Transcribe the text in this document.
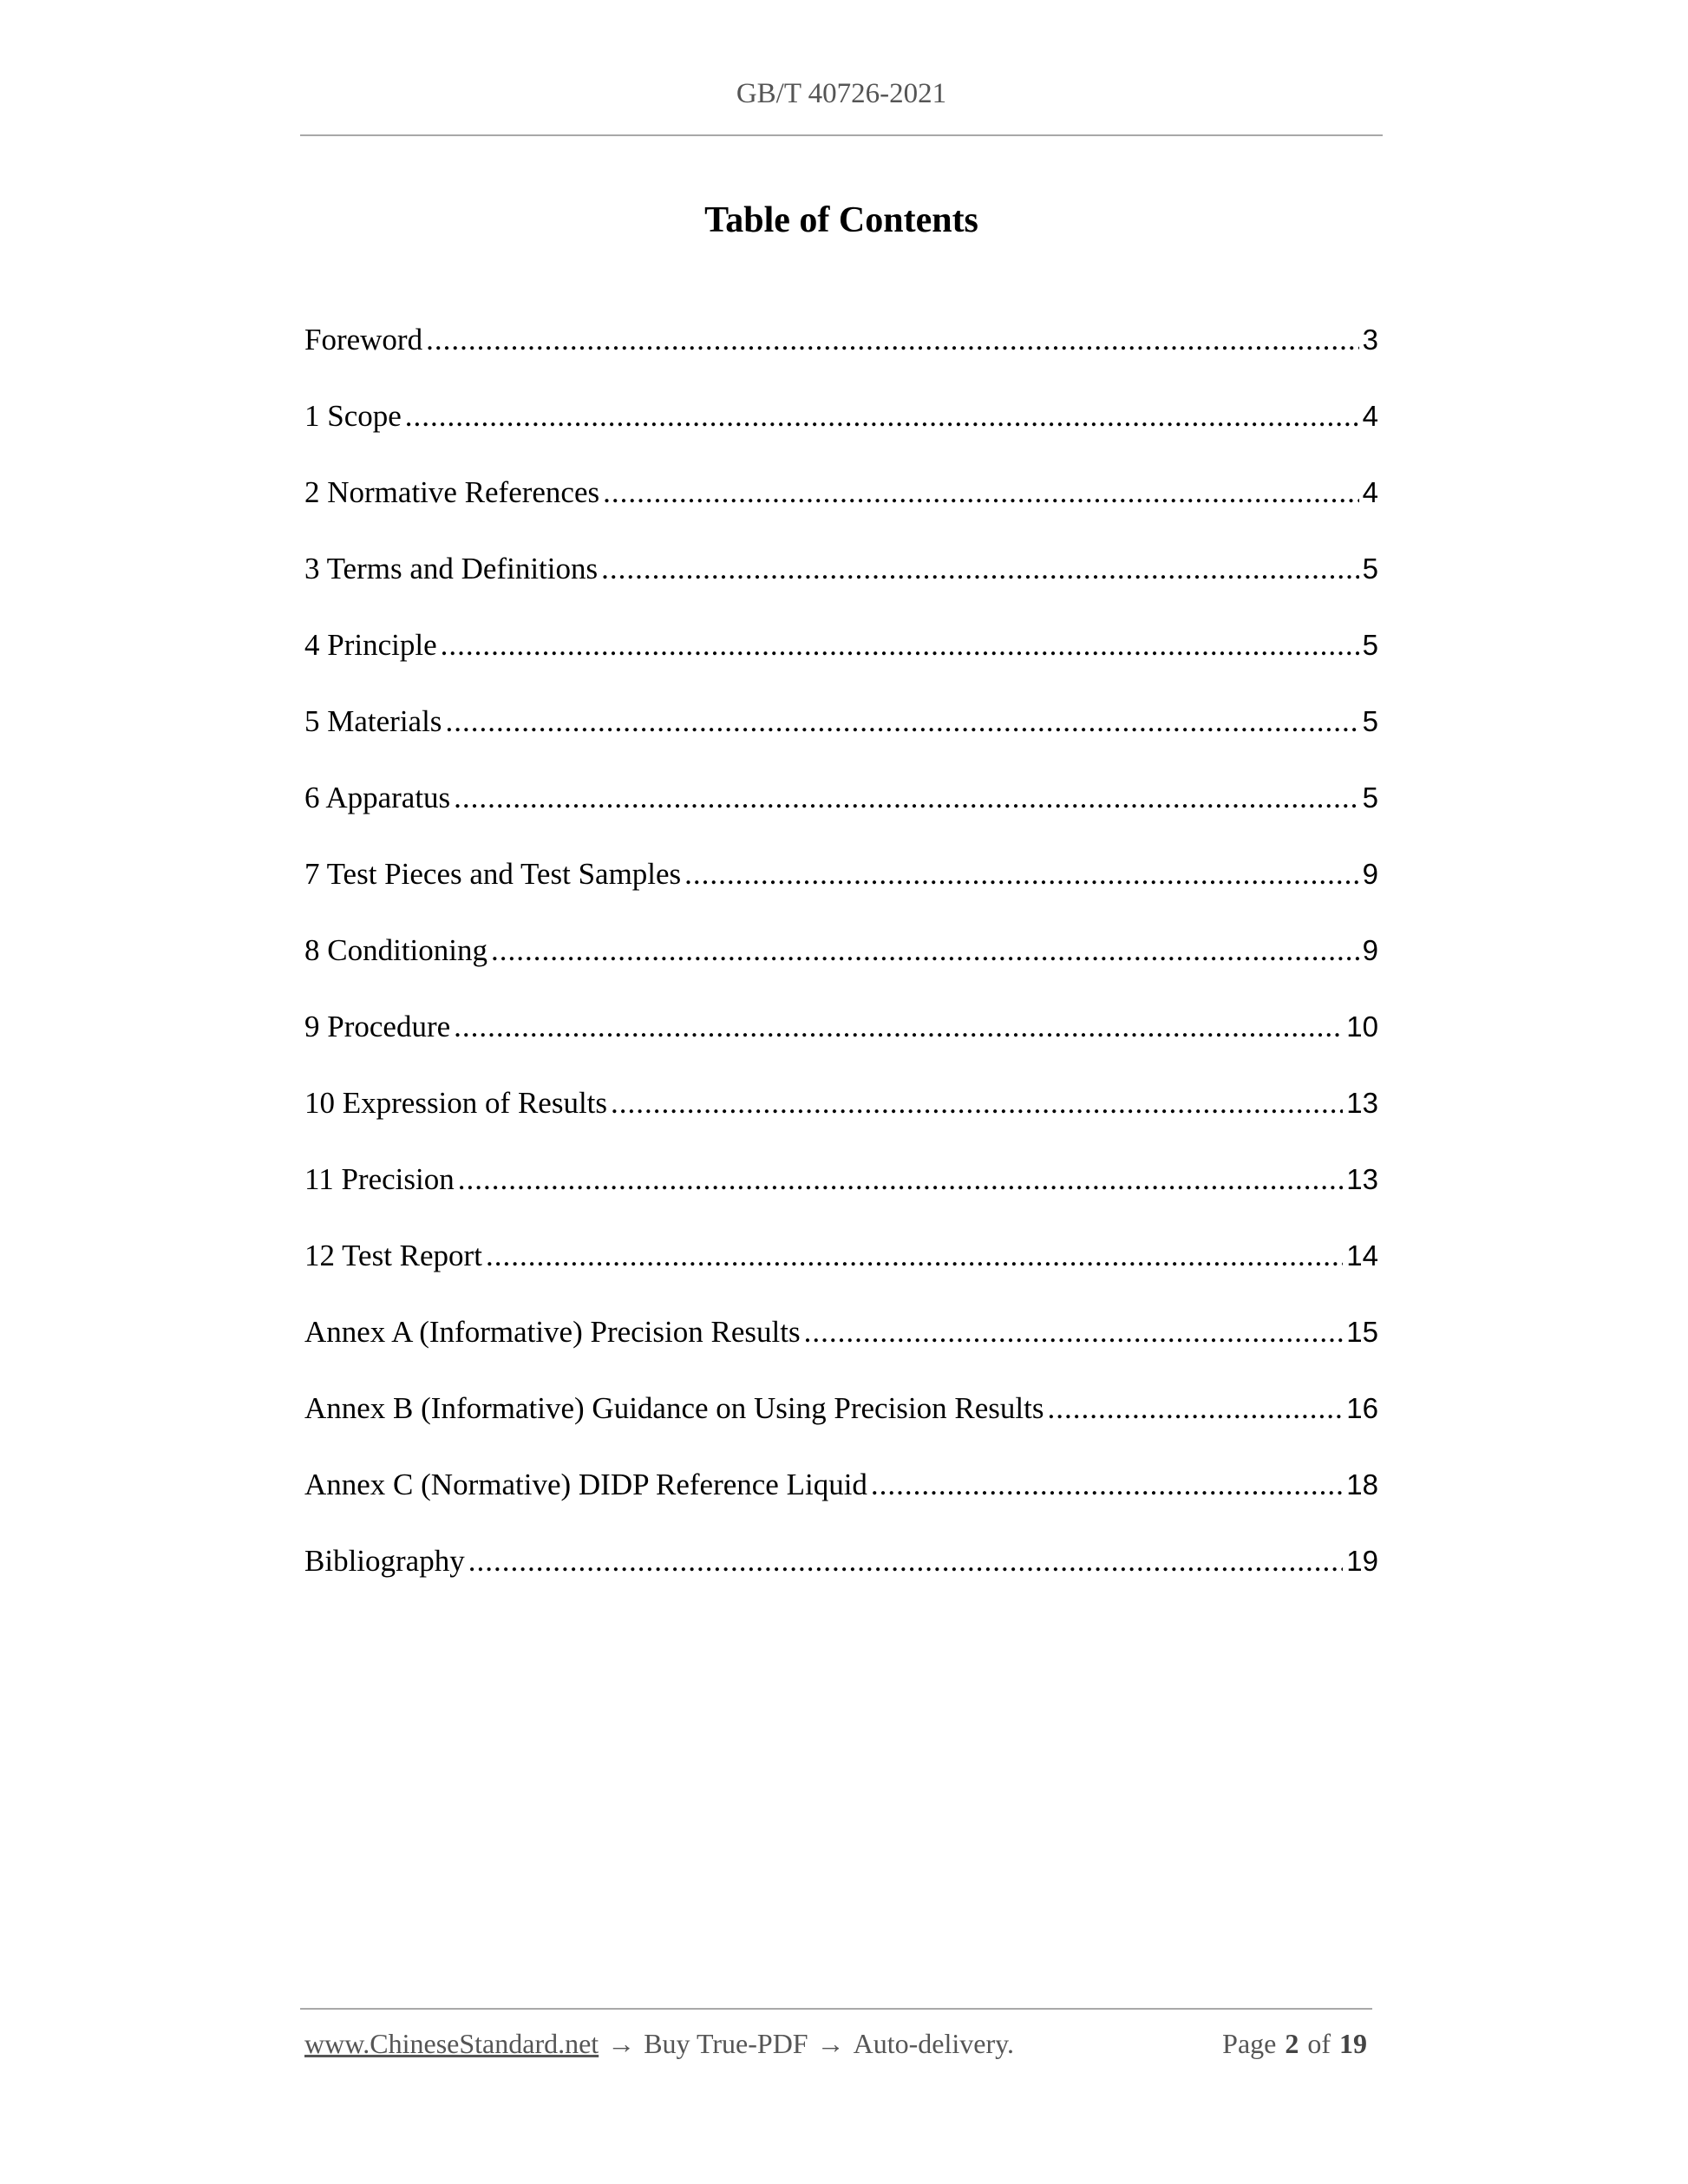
GB/T 40726-2021
Table of Contents
Foreword .....	3
1 Scope .....	4
2 Normative References .....	4
3 Terms and Definitions .....	5
4 Principle .....	5
5 Materials .....	5
6 Apparatus .....	5
7 Test Pieces and Test Samples .....	9
8 Conditioning .....	9
9 Procedure .....	10
10 Expression of Results .....	13
11 Precision .....	13
12 Test Report .....	14
Annex A (Informative) Precision Results .....	15
Annex B (Informative) Guidance on Using Precision Results .....	16
Annex C (Normative) DIDP Reference Liquid .....	18
Bibliography .....	19
www.ChineseStandard.net → Buy True-PDF → Auto-delivery.	Page 2 of 19
